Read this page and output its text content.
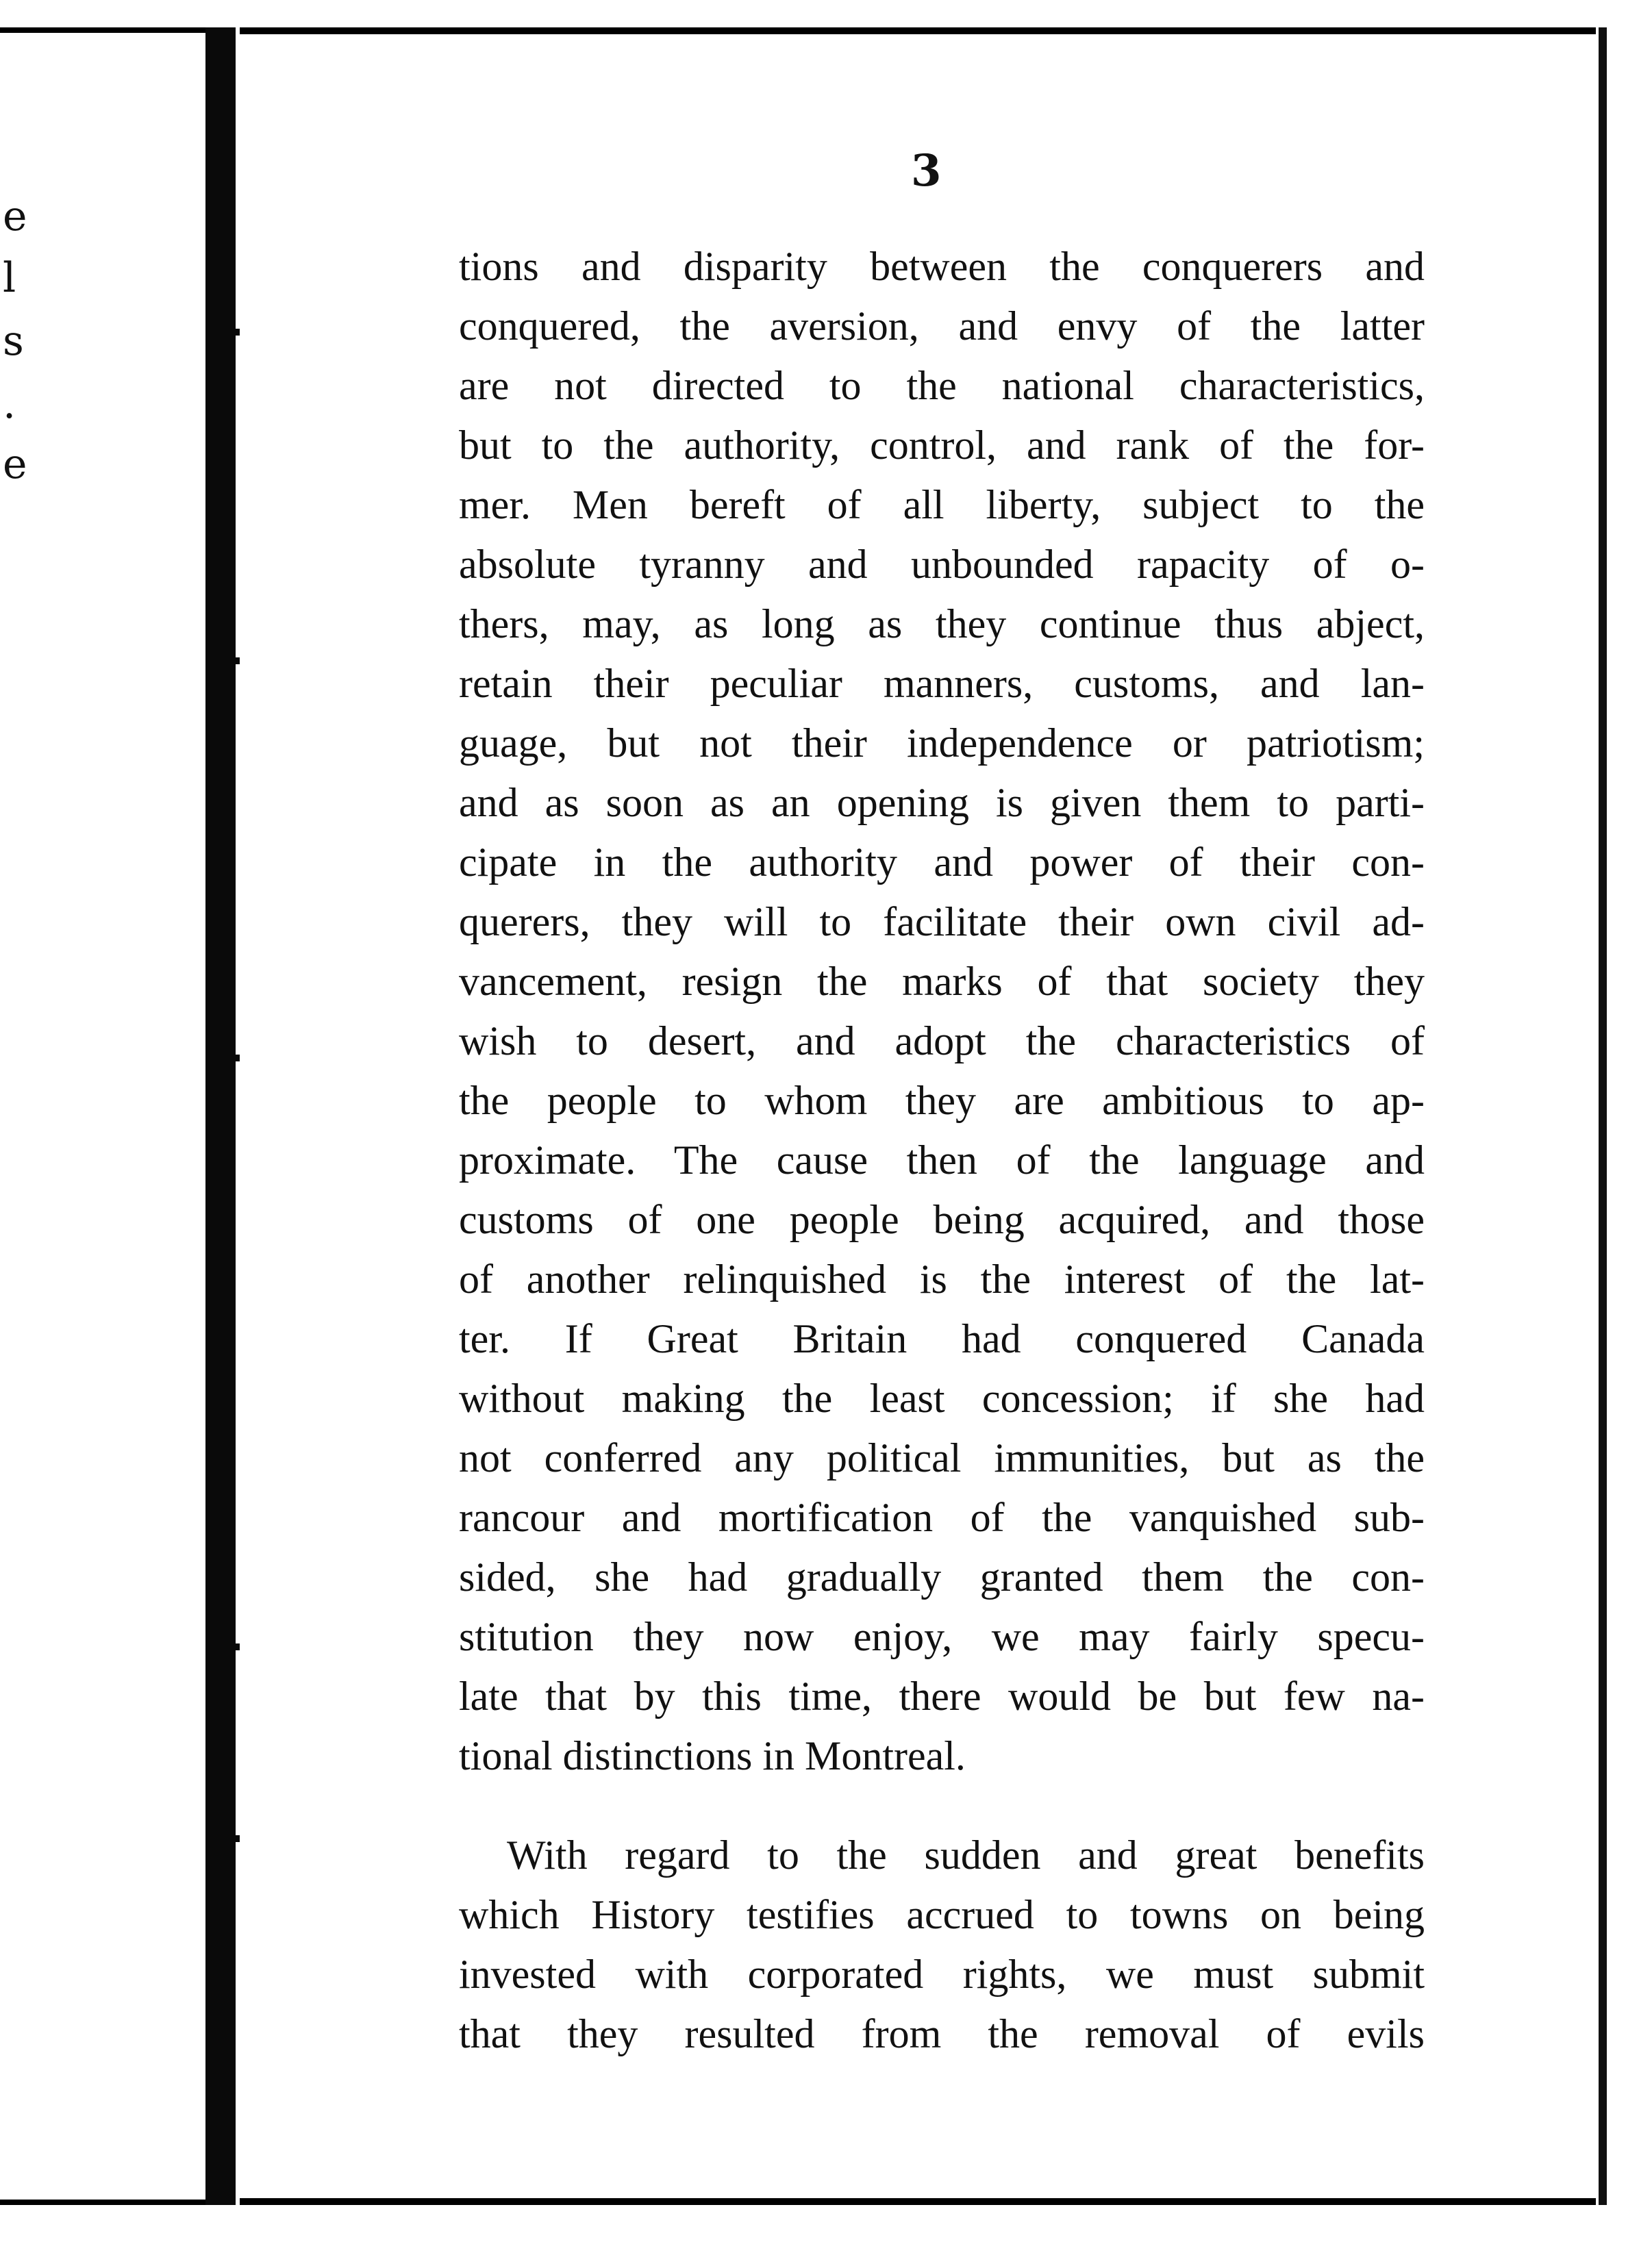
e
l
s
.
e
3
tions and disparity between the conquerers and
conquered, the aversion, and envy of the latter
are not directed to the national characteristics,
but to the authority, control, and rank of the for-
mer. Men bereft of all liberty, subject to the
absolute tyranny and unbounded rapacity of o-
thers, may, as long as they continue thus abject,
retain their peculiar manners, customs, and lan-
guage, but not their independence or patriotism;
and as soon as an opening is given them to parti-
cipate in the authority and power of their con-
querers, they will to facilitate their own civil ad-
vancement, resign the marks of that society they
wish to desert, and adopt the characteristics of
the people to whom they are ambitious to ap-
proximate. The cause then of the language and
customs of one people being acquired, and those
of another relinquished is the interest of the lat-
ter. If Great Britain had conquered Canada
without making the least concession; if she had
not conferred any political immunities, but as the
rancour and mortification of the vanquished sub-
sided, she had gradually granted them the con-
stitution they now enjoy, we may fairly specu-
late that by this time, there would be but few na-
tional distinctions in Montreal.
With regard to the sudden and great benefits
which History testifies accrued to towns on being
invested with corporated rights, we must submit
that they resulted from the removal of evils
